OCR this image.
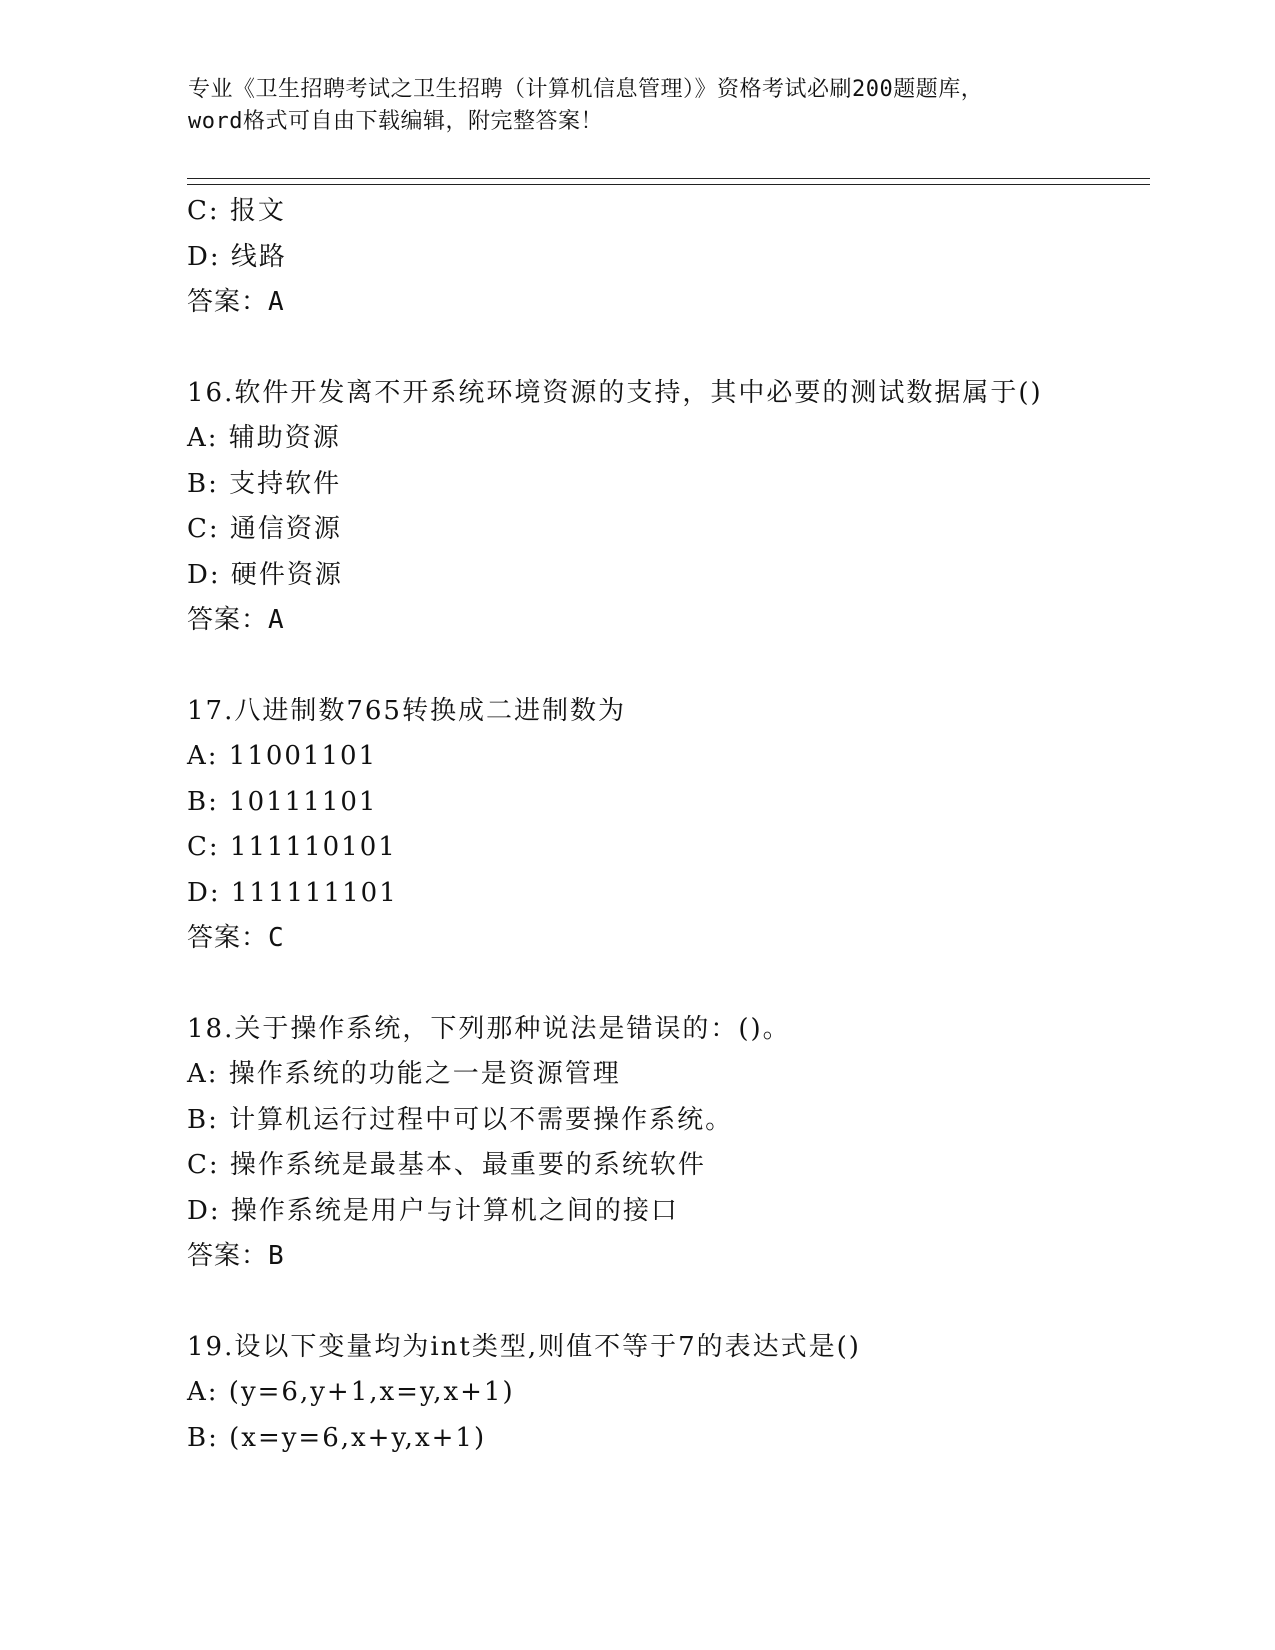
专业《卫生招聘考试之卫生招聘（计算机信息管理）》资格考试必刷200题题库，
word格式可自由下载编辑，附完整答案！
C: 报文
D: 线路
答案：A
16.软件开发离不开系统环境资源的支持，其中必要的测试数据属于()
A: 辅助资源
B: 支持软件
C: 通信资源
D: 硬件资源
答案：A
17.八进制数765转换成二进制数为
A: 11001101
B: 10111101
C: 111110101
D: 111111101
答案：C
18.关于操作系统，下列那种说法是错误的：()。
A: 操作系统的功能之一是资源管理
B: 计算机运行过程中可以不需要操作系统。
C: 操作系统是最基本、最重要的系统软件
D: 操作系统是用户与计算机之间的接口
答案：B
19.设以下变量均为int类型,则值不等于7的表达式是()
A: (y=6,y+1,x=y,x+1)
B: (x=y=6,x+y,x+1)
